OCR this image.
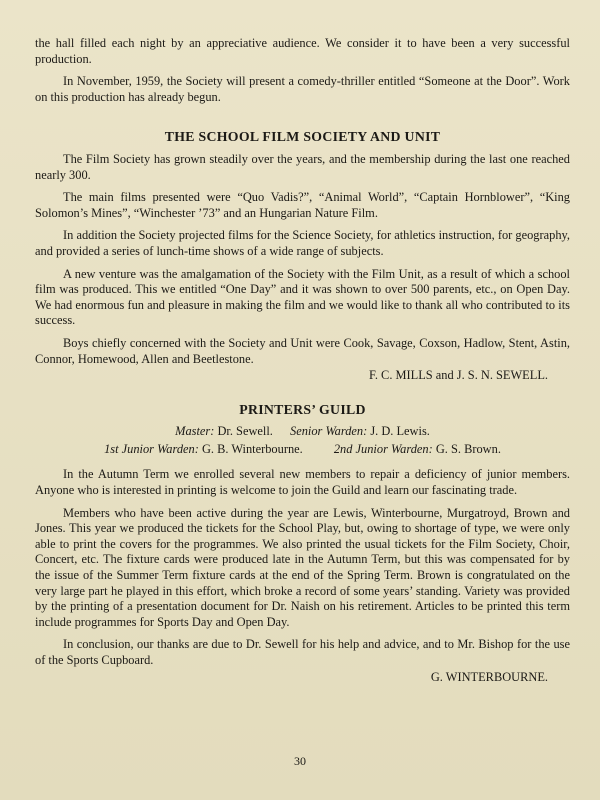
the hall filled each night by an appreciative audience. We consider it to have been a very successful production.

In November, 1959, the Society will present a comedy-thriller entitled “Someone at the Door”. Work on this production has already begun.

THE SCHOOL FILM SOCIETY AND UNIT

The Film Society has grown steadily over the years, and the membership during the last one reached nearly 300.

The main films presented were “Quo Vadis?”, “Animal World”, “Captain Hornblower”, “King Solomon’s Mines”, “Winchester ’73” and an Hungarian Nature Film.

In addition the Society projected films for the Science Society, for athletics instruction, for geography, and provided a series of lunch-time shows of a wide range of subjects.

A new venture was the amalgamation of the Society with the Film Unit, as a result of which a school film was produced. This we entitled “One Day” and it was shown to over 500 parents, etc., on Open Day. We had enormous fun and pleasure in making the film and we would like to thank all who contributed to its success.

Boys chiefly concerned with the Society and Unit were Cook, Savage, Coxson, Hadlow, Stent, Astin, Connor, Homewood, Allen and Beetlestone.

F. C. MILLS and J. S. N. SEWELL.
PRINTERS’ GUILD
Master: Dr. Sewell. Senior Warden: J. D. Lewis.
1st Junior Warden: G. B. Winterbourne.	2nd Junior Warden: G. S. Brown.

In the Autumn Term we enrolled several new members to repair a deficiency of junior members. Anyone who is interested in printing is welcome to join the Guild and learn our fascinating trade.

Members who have been active during the year are Lewis, Winterbourne, Murgatroyd, Brown and Jones. This year we produced the tickets for the School Play, but, owing to shortage of type, we were only able to print the covers for the programmes. We also printed the usual tickets for the Film Society, Choir, Concert, etc. The fixture cards were produced late in the Autumn Term, but this was compensated for by the issue of the Summer Term fixture cards at the end of the Spring Term. Brown is congratulated on the very large part he played in this effort, which broke a record of some years’ standing. Variety was provided by the printing of a presentation document for Dr. Naish on his retirement. Articles to be printed this term include programmes for Sports Day and Open Day.

In conclusion, our thanks are due to Dr. Sewell for his help and advice, and to Mr. Bishop for the use of the Sports Cupboard.

G. WINTERBOURNE.
30
